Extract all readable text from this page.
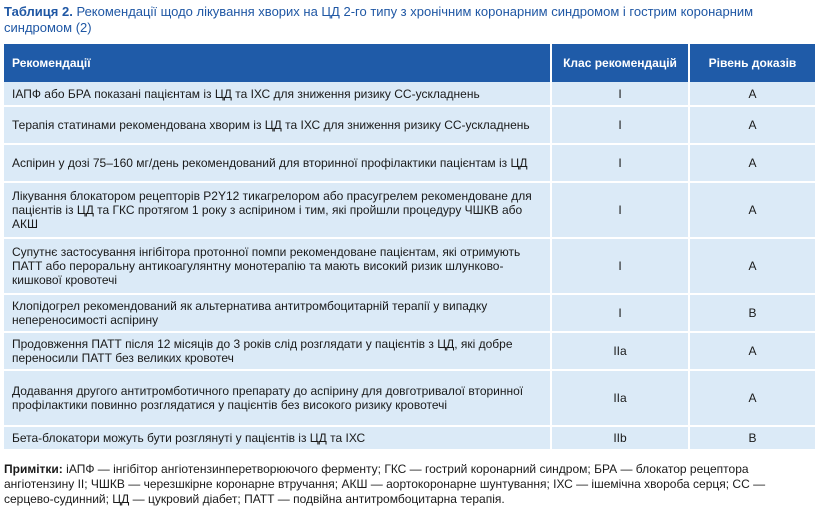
Таблиця 2. Рекомендації щодо лікування хворих на ЦД 2-го типу з хронічним коронарним синдромом і гострим коронарним синдромом (2)
Рекомендації	Клас рекомендацій	Рівень доказів
ІАПФ або БРА показані пацієнтам із ЦД та ІХС для зниження ризику СС-ускладнень	I	A
Терапія статинами рекомендована хворим із ЦД та ІХС для зниження ризику СС-ускладнень	I	A
Аспірин у дозі 75–160 мг/день рекомендований для вторинної профілактики пацієнтам із ЦД	I	A
Лікування блокатором рецепторів P2Y12 тикагрелором або прасугрелем рекомендоване для пацієнтів із ЦД та ГКС протягом 1 року з аспірином і тим, які пройшли процедуру ЧШКВ або АКШ	I	A
Супутнє застосування інгібітора протонної помпи рекомендоване пацієнтам, які отримують ПАТТ або пероральну антикоагулянтну монотерапію та мають високий ризик шлунково-кишкової кровотечі	I	A
Клопідогрел рекомендований як альтернатива антитромбоцитарній терапії у випадку непереносимості аспірину	I	B
Продовження ПАТТ після 12 місяців до 3 років слід розглядати у пацієнтів з ЦД, які добре переносили ПАТТ без великих кровотеч	IIa	A
Додавання другого антитромботичного препарату до аспірину для довготривалої вторинної профілактики повинно розглядатися у пацієнтів без високого ризику кровотечі	IIa	A
Бета-блокатори можуть бути розглянуті у пацієнтів із ЦД та ІХС	IIb	B
Примітки: іАПФ — інгібітор ангіотензинперетворюючого ферменту; ГКС — гострий коронарний синдром; БРА — блокатор рецептора ангіотензину II; ЧШКВ — черезшкірне коронарне втручання; АКШ — аортокоронарне шунтування; ІХС — ішемічна хвороба серця; СС — серцево-судинний; ЦД — цукровий діабет; ПАТТ — подвійна антитромбоцитарна терапія.
